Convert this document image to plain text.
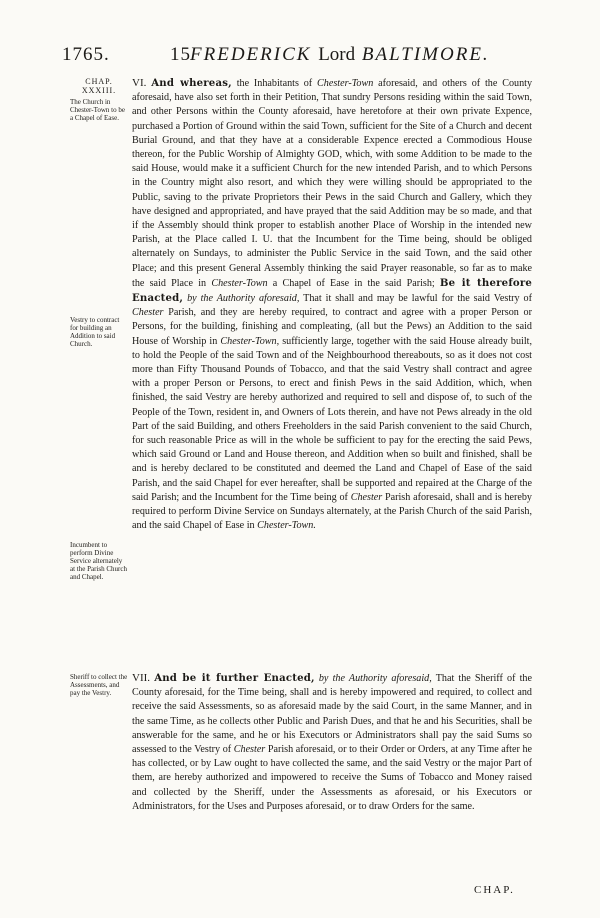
1765.	15 FREDERICK Lord BALTIMORE.
CHAP.
XXXIII.
The Church in Chester-Town to be a Chapel of Ease.
Vestry to contract for building an Addition to said Church.
Incumbent to perform Divine Service alternately at the Parish Church and Chapel.
Sheriff to collect the Assessments, and pay the Vestry.

VI. And whereas, the Inhabitants of Chester-Town aforesaid, and others of the County aforesaid, have also set forth in their Petition, That sundry Persons residing within the said Town, and other Persons within the County aforesaid, have heretofore at their own private Expence, purchased a Portion of Ground within the said Town, sufficient for the Site of a Church and decent Burial Ground, and that they have at a considerable Expence erected a Commodious House thereon, for the Public Worship of Almighty GOD, which, with some Addition to be made to the said House, would make it a sufficient Church for the new intended Parish, and to which Persons in the Country might also resort, and which they were willing should be appropriated to the Public, saving to the private Proprietors their Pews in the said Church and Gallery, which they have designed and appropriated, and have prayed that the said Addition may be so made, and that if the Assembly should think proper to establish another Place of Worship in the intended new Parish, at the Place called I. U. that the Incumbent for the Time being, should be obliged alternately on Sundays, to administer the Public Service in the said Town, and the said other Place; and this present General Assembly thinking the said Prayer reasonable, so far as to make the said Place in Chester-Town a Chapel of Ease in the said Parish; Be it therefore Enacted, by the Authority aforesaid, That it shall and may be lawful for the said Vestry of Chester Parish, and they are hereby required, to contract and agree with a proper Person or Persons, for the building, finishing and compleating, (all but the Pews) an Addition to the said House of Worship in Chester-Town, sufficiently large, together with the said House already built, to hold the People of the said Town and of the Neighbourhood thereabouts, so as it does not cost more than Fifty Thousand Pounds of Tobacco, and that the said Vestry shall contract and agree with a proper Person or Persons, to erect and finish Pews in the said Addition, which, when finished, the said Vestry are hereby authorized and required to sell and dispose of, to such of the People of the Town, resident in, and Owners of Lots therein, and have not Pews already in the old Part of the said Building, and others Freeholders in the said Parish convenient to the said Church, for such reasonable Price as will in the whole be sufficient to pay for the erecting the said Pews, which said Ground or Land and House thereon, and Addition when so built and finished, shall be and is hereby declared to be constituted and deemed the Land and Chapel of Ease of the said Parish, and the said Chapel for ever hereafter, shall be supported and repaired at the Charge of the said Parish; and the Incumbent for the Time being of Chester Parish aforesaid, shall and is hereby required to perform Divine Service on Sundays alternately, at the Parish Church of the said Parish, and the said Chapel of Ease in Chester-Town.

VII. And be it further Enacted, by the Authority aforesaid, That the Sheriff of the County aforesaid, for the Time being, shall and is hereby impowered and required, to collect and receive the said Assessments, so as aforesaid made by the said Court, in the same Manner, and in the same Time, as he collects other Public and Parish Dues, and that he and his Securities, shall be answerable for the same, and he or his Executors or Administrators shall pay the said Sums so assessed to the Vestry of Chester Parish aforesaid, or to their Order or Orders, at any Time after he has collected, or by Law ought to have collected the same, and the said Vestry or the major Part of them, are hereby authorized and impowered to receive the Sums of Tobacco and Money raised and collected by the Sheriff, under the Assessments as aforesaid, or his Executors or Administrators, for the Uses and Purposes aforesaid, or to draw Orders for the same.

CHAP.
